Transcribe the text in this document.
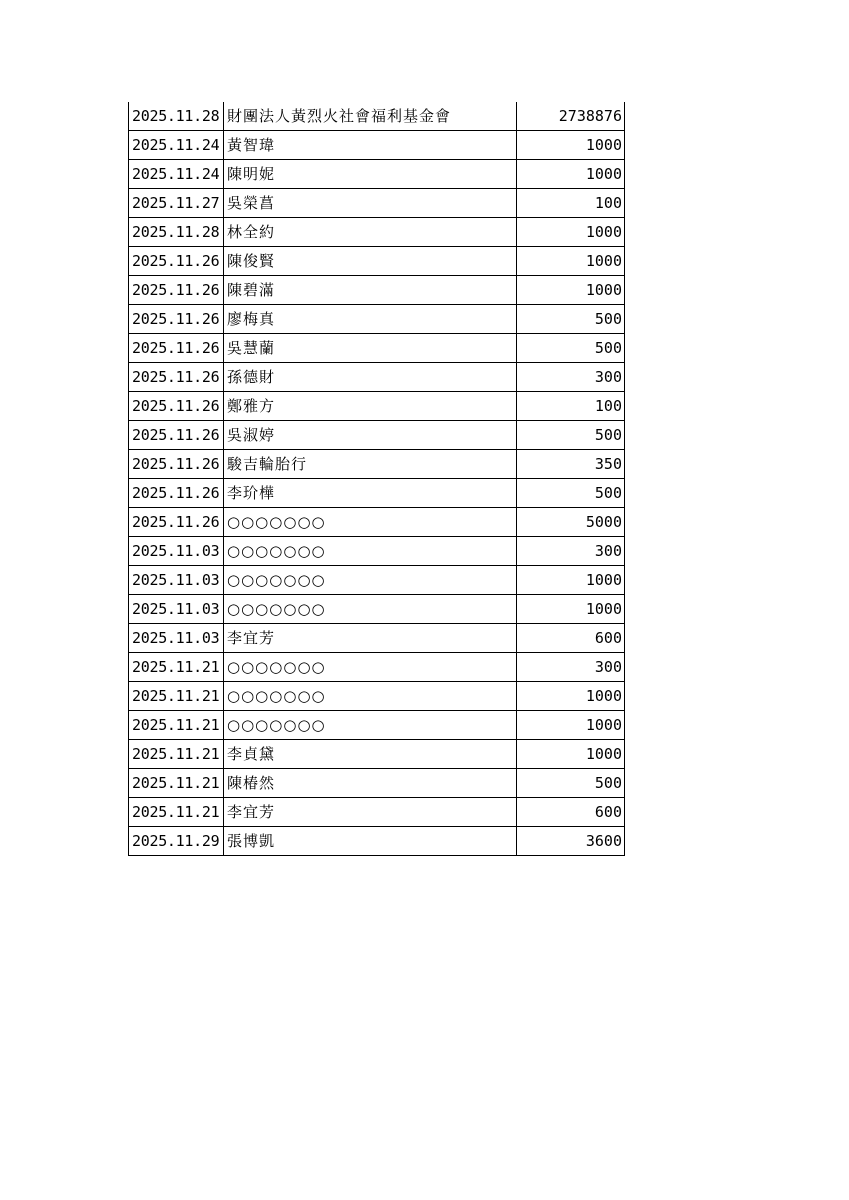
2025.11.28	財團法人黃烈火社會福利基金會	2738876
2025.11.24	黃智瑋	1000
2025.11.24	陳明妮	1000
2025.11.27	吳榮菖	100
2025.11.28	林全約	1000
2025.11.26	陳俊賢	1000
2025.11.26	陳碧滿	1000
2025.11.26	廖梅真	500
2025.11.26	吳慧蘭	500
2025.11.26	孫德財	300
2025.11.26	鄭雅方	100
2025.11.26	吳淑婷	500
2025.11.26	駿吉輪胎行	350
2025.11.26	李玠樺	500
2025.11.26	○○○○○○○	5000
2025.11.03	○○○○○○○	300
2025.11.03	○○○○○○○	1000
2025.11.03	○○○○○○○	1000
2025.11.03	李宜芳	600
2025.11.21	○○○○○○○	300
2025.11.21	○○○○○○○	1000
2025.11.21	○○○○○○○	1000
2025.11.21	李貞黛	1000
2025.11.21	陳椿然	500
2025.11.21	李宜芳	600
2025.11.29	張博凱	3600
